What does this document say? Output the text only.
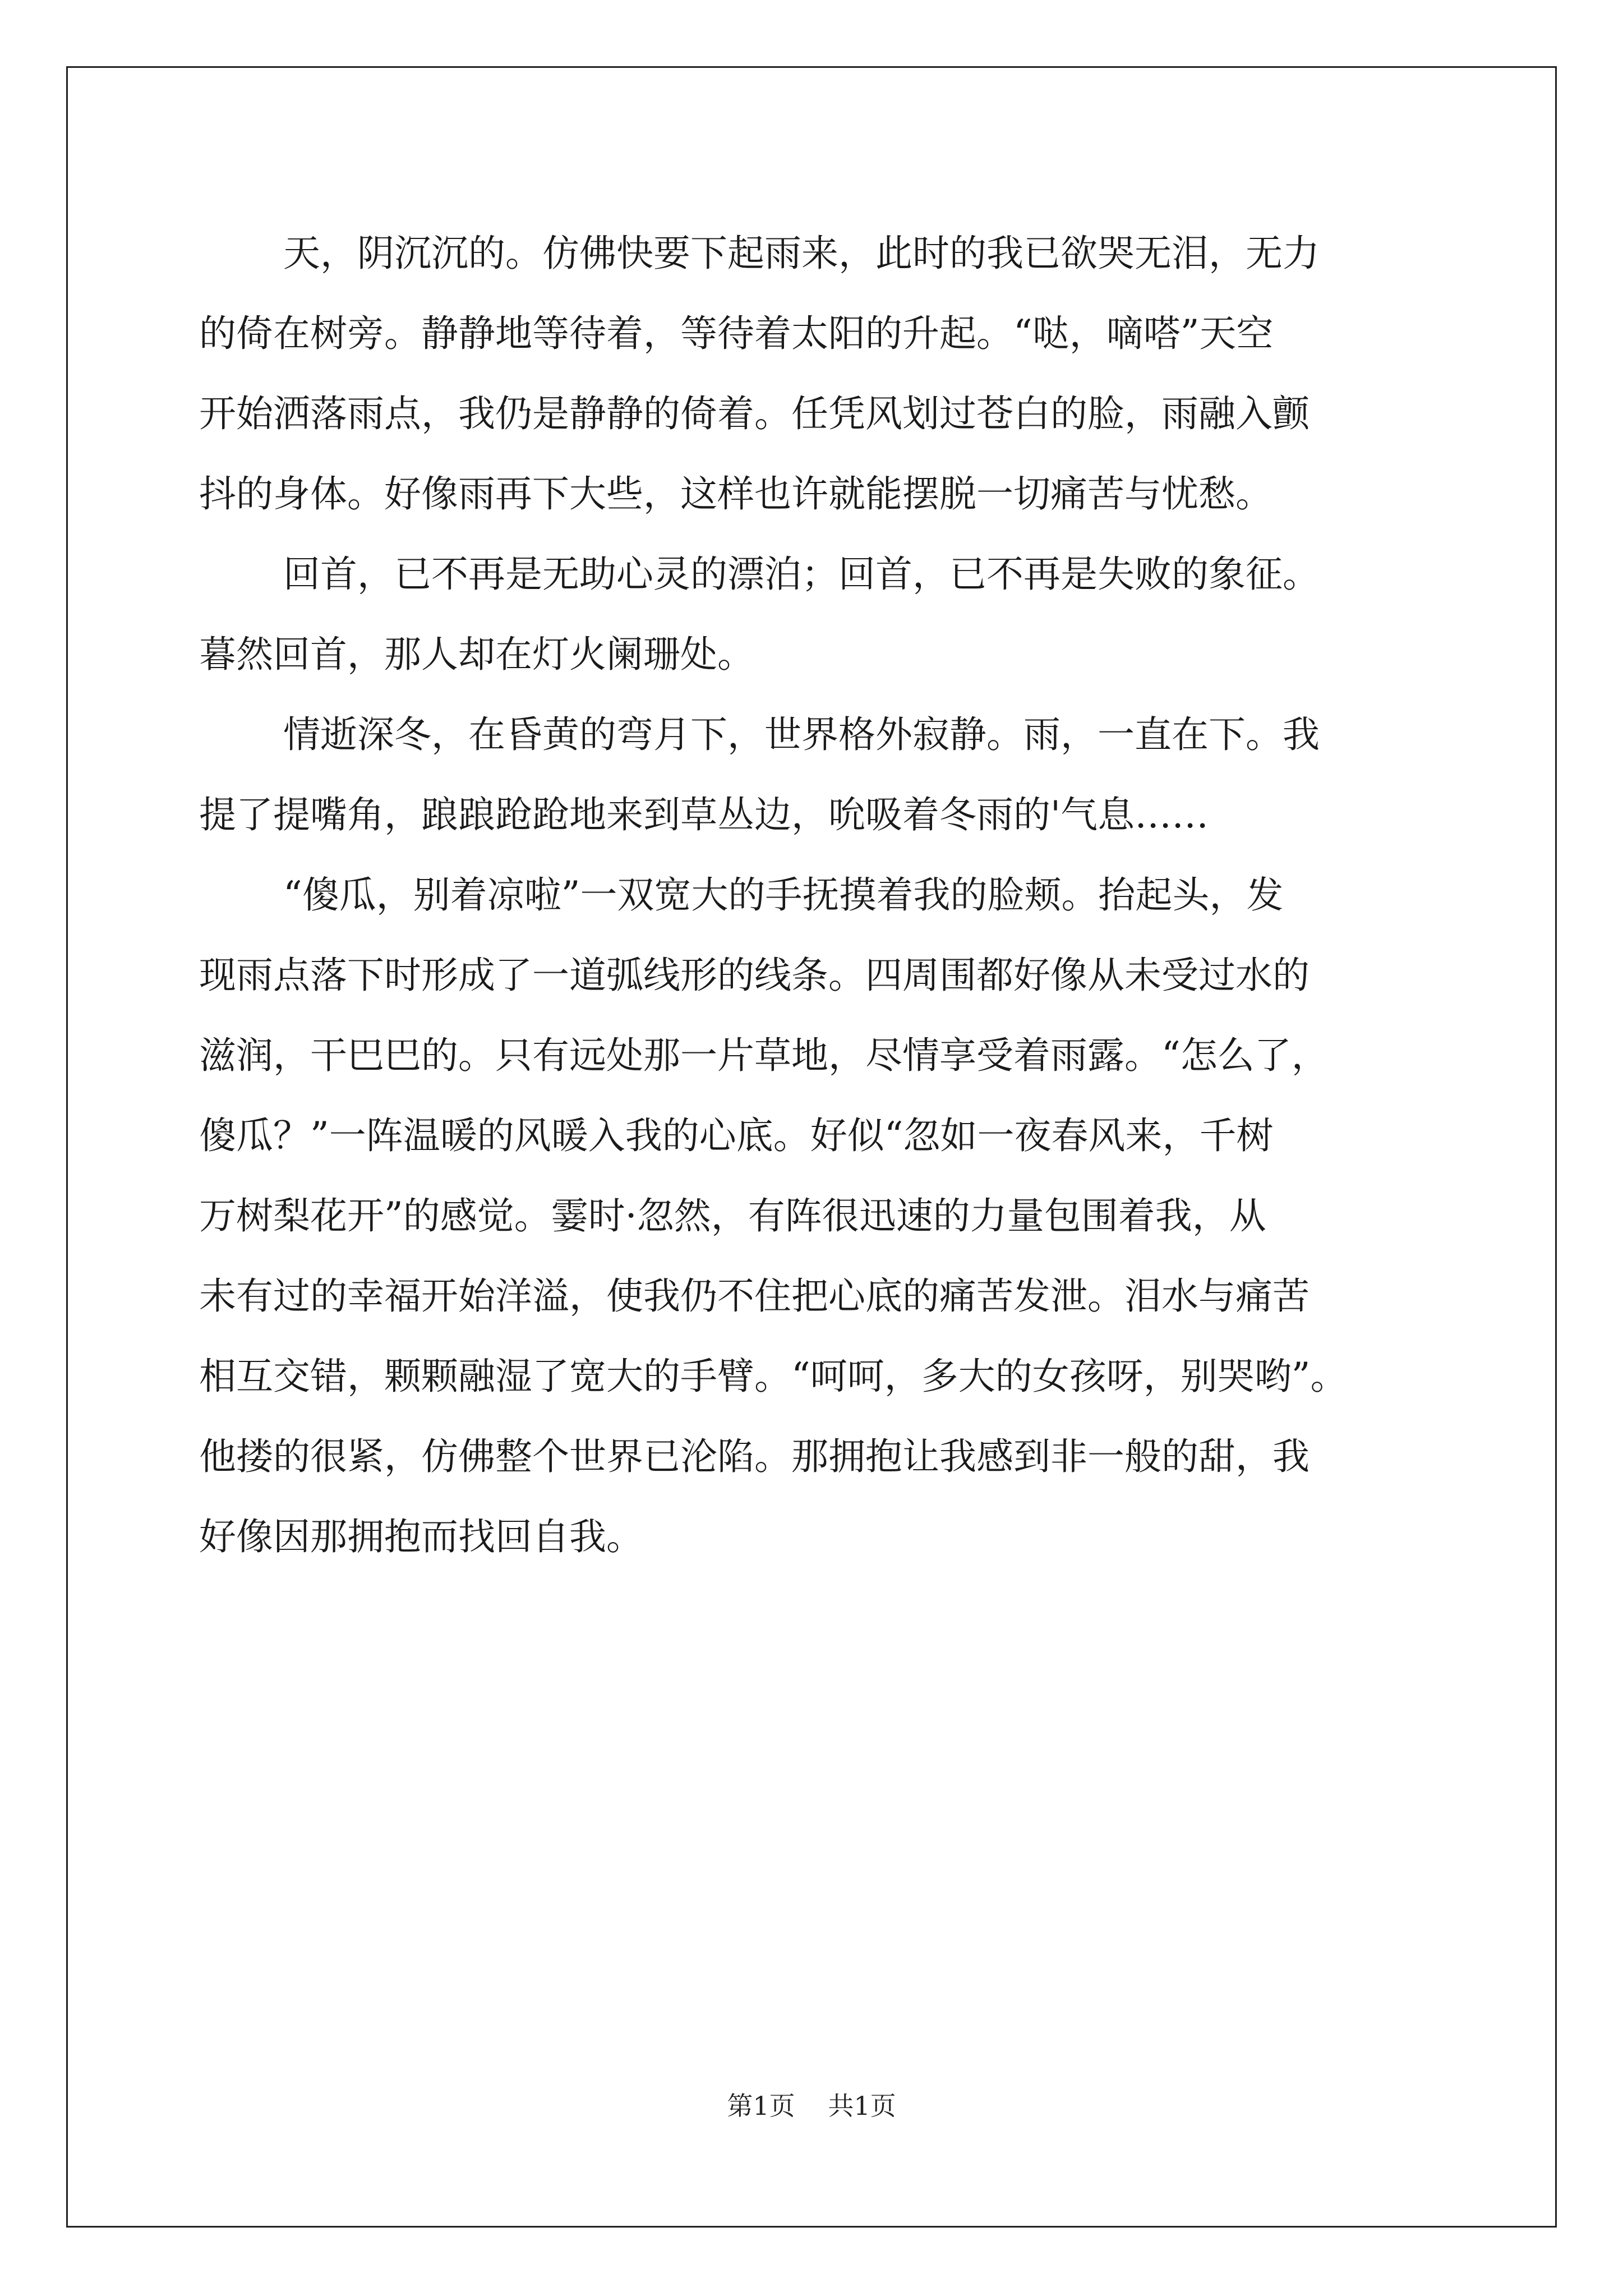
天，阴沉沉的。仿佛快要下起雨来，此时的我已欲哭无泪，无力
的倚在树旁。静静地等待着，等待着太阳的升起。“哒，嘀嗒”天空
开始洒落雨点，我仍是静静的倚着。任凭风划过苍白的脸，雨融入颤
抖的身体。好像雨再下大些，这样也许就能摆脱一切痛苦与忧愁。
回首，已不再是无助心灵的漂泊；回首，已不再是失败的象征。
暮然回首，那人却在灯火阑珊处。
情逝深冬，在昏黄的弯月下，世界格外寂静。雨，一直在下。我
提了提嘴角，踉踉跄跄地来到草丛边，吮吸着冬雨的'气息……
“傻瓜，别着凉啦”一双宽大的手抚摸着我的脸颊。抬起头，发
现雨点落下时形成了一道弧线形的线条。四周围都好像从未受过水的
滋润，干巴巴的。只有远处那一片草地，尽情享受着雨露。“怎么了，
傻瓜？”一阵温暖的风暖入我的心底。好似“忽如一夜春风来，千树
万树梨花开”的感觉。霎时·忽然，有阵很迅速的力量包围着我，从
未有过的幸福开始洋溢，使我仍不住把心底的痛苦发泄。泪水与痛苦
相互交错，颗颗融湿了宽大的手臂。“呵呵，多大的女孩呀，别哭哟”。
他搂的很紧，仿佛整个世界已沦陷。那拥抱让我感到非一般的甜，我
好像因那拥抱而找回自我。
第1页 共1页
